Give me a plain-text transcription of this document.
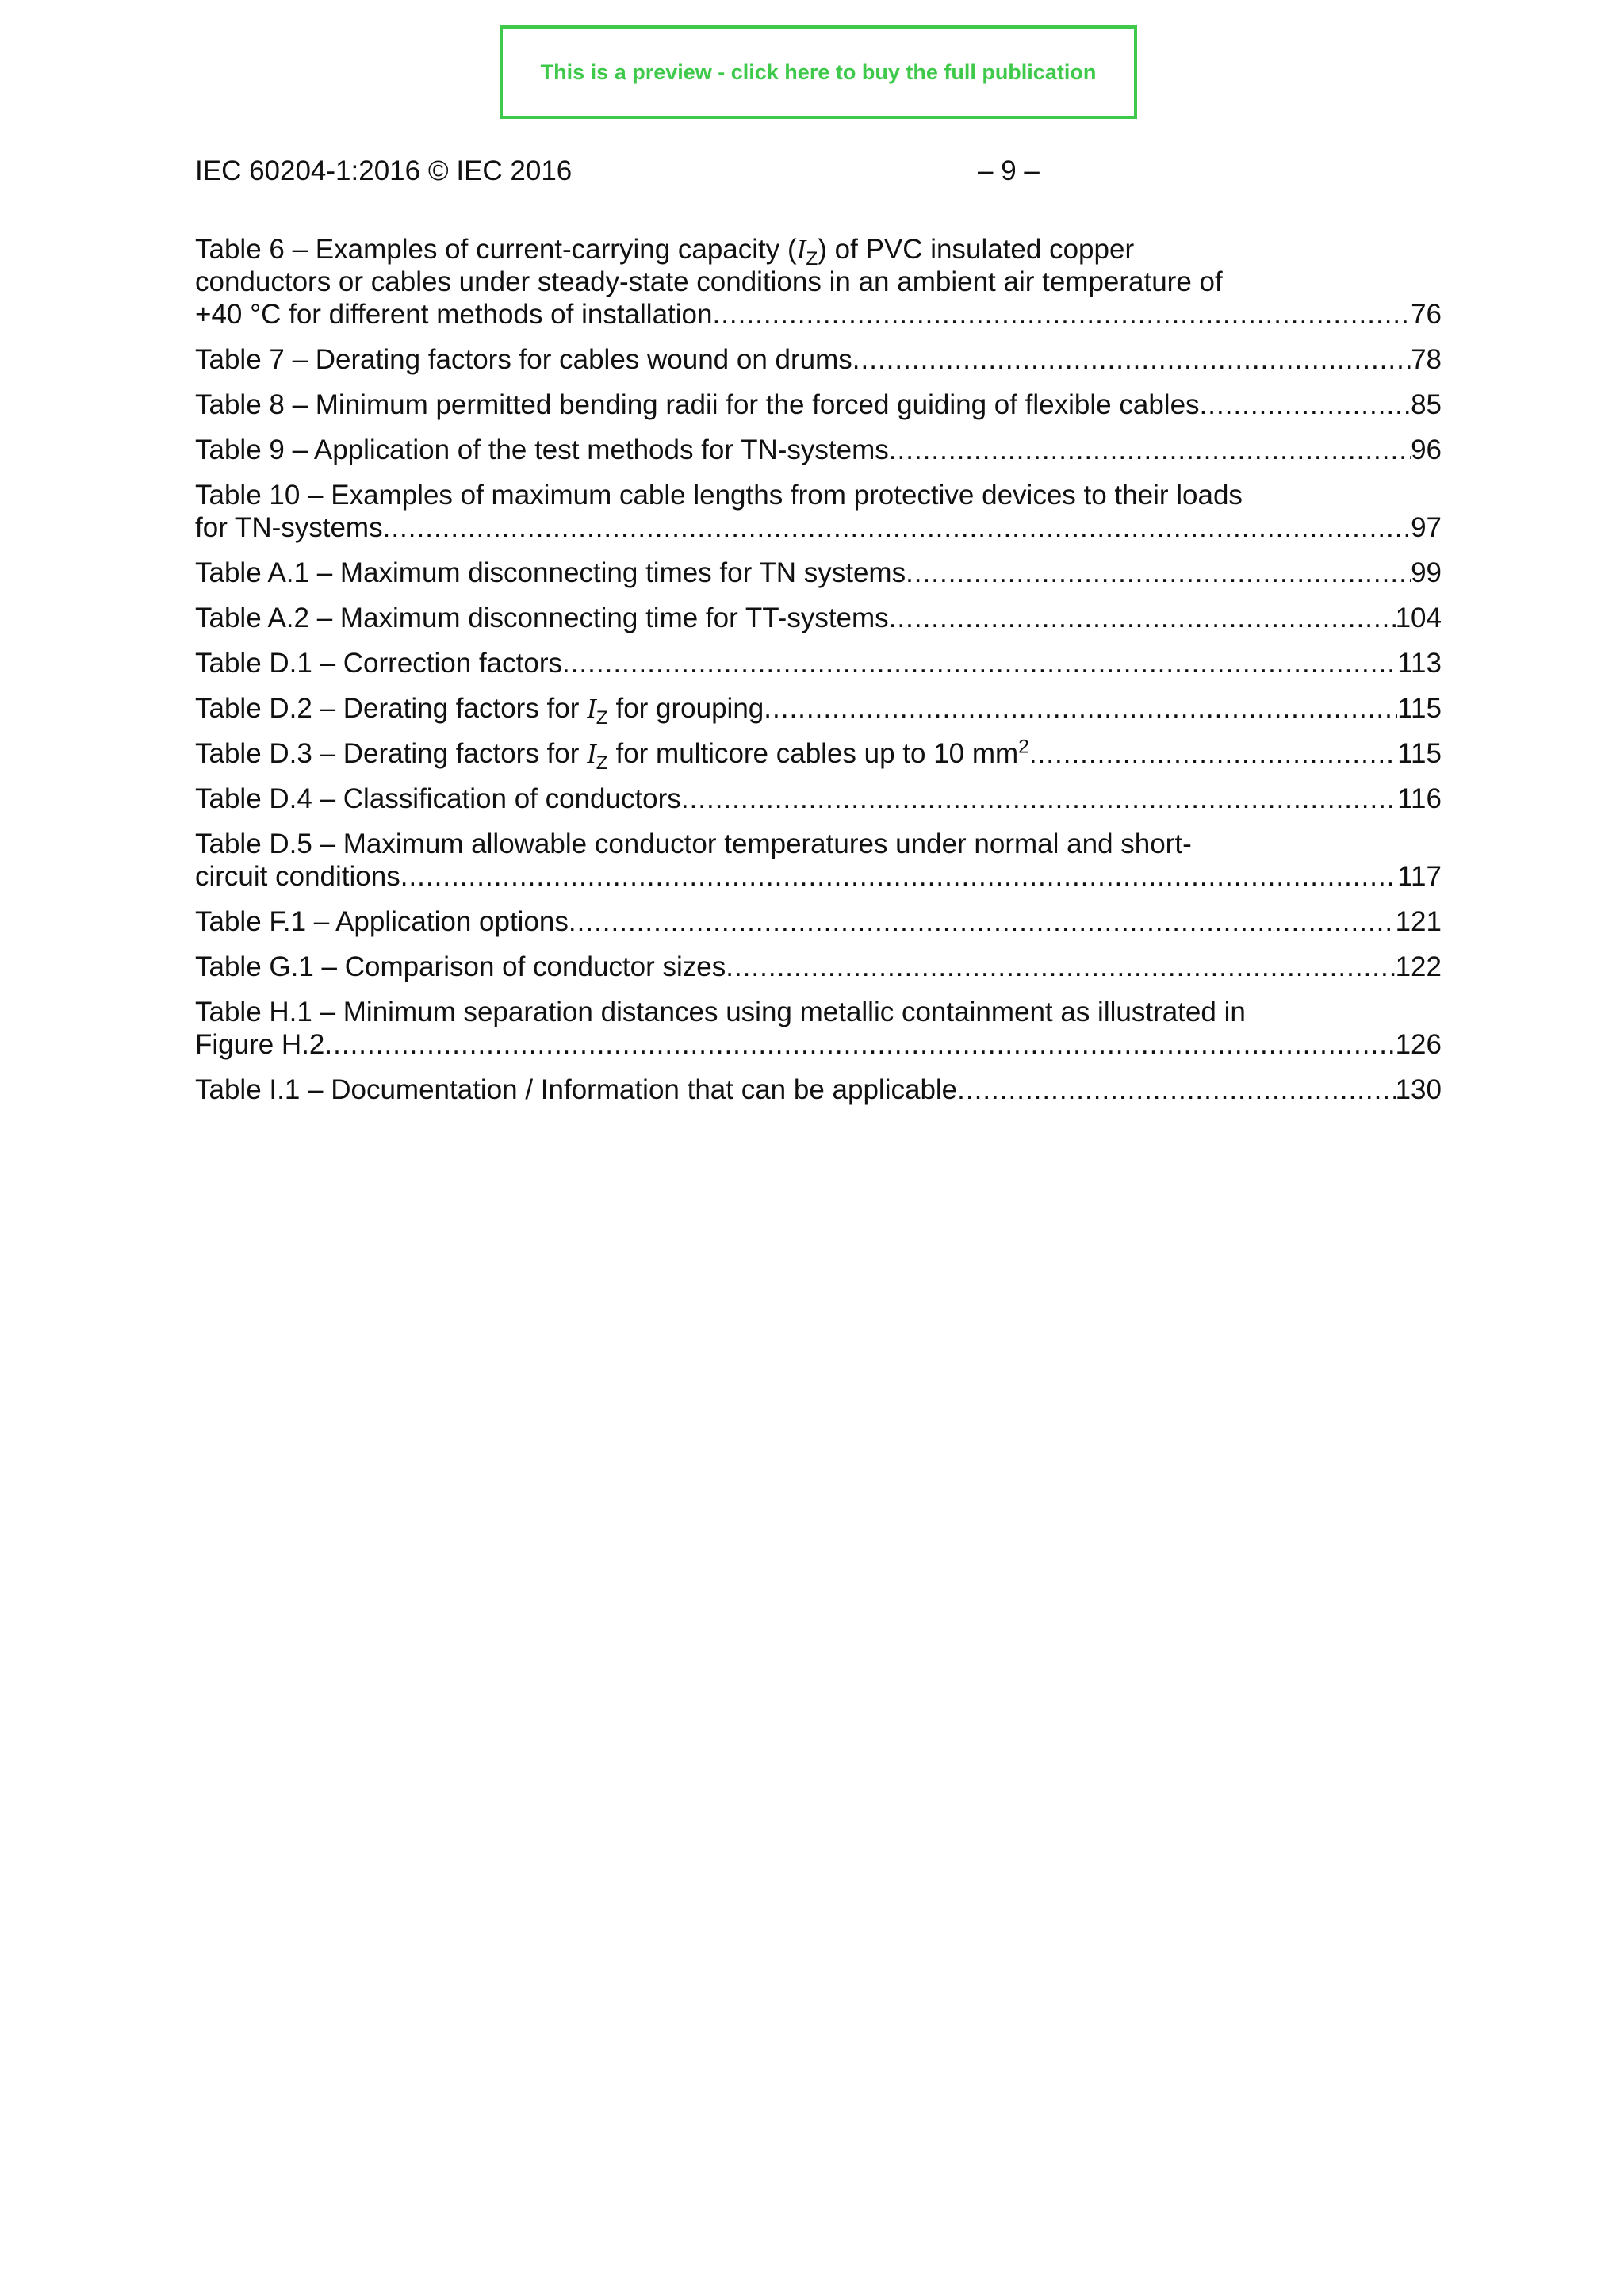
This is a preview - click here to buy the full publication
IEC 60204-1:2016 © IEC 2016	– 9 –
Table 6 – Examples of current-carrying capacity $(I_Z)$ of PVC insulated copper
conductors or cables under steady-state conditions in an ambient air temperature of
+40 °C for different methods of installation .....	76
Table 7 – Derating factors for cables wound on drums .....	78
Table 8 – Minimum permitted bending radii for the forced guiding of flexible cables .....	85
Table 9 – Application of the test methods for TN-systems .....	96
Table 10 – Examples of maximum cable lengths from protective devices to their loads
for TN-systems .....	97
Table A.1 – Maximum disconnecting times for TN systems .....	99
Table A.2 – Maximum disconnecting time for TT-systems .....	104
Table D.1 – Correction factors .....	113
Table D.2 – Derating factors for $I_Z$ for grouping .....	115
Table D.3 – Derating factors for $I_Z$ for multicore cables up to 10 $mm^2$ .....	115
Table D.4 – Classification of conductors .....	116
Table D.5 – Maximum allowable conductor temperatures under normal and short-
circuit conditions .....	117
Table F.1 – Application options .....	121
Table G.1 – Comparison of conductor sizes .....	122
Table H.1 – Minimum separation distances using metallic containment as illustrated in
Figure H.2 .....	126
Table I.1 – Documentation / Information that can be applicable .....	130
